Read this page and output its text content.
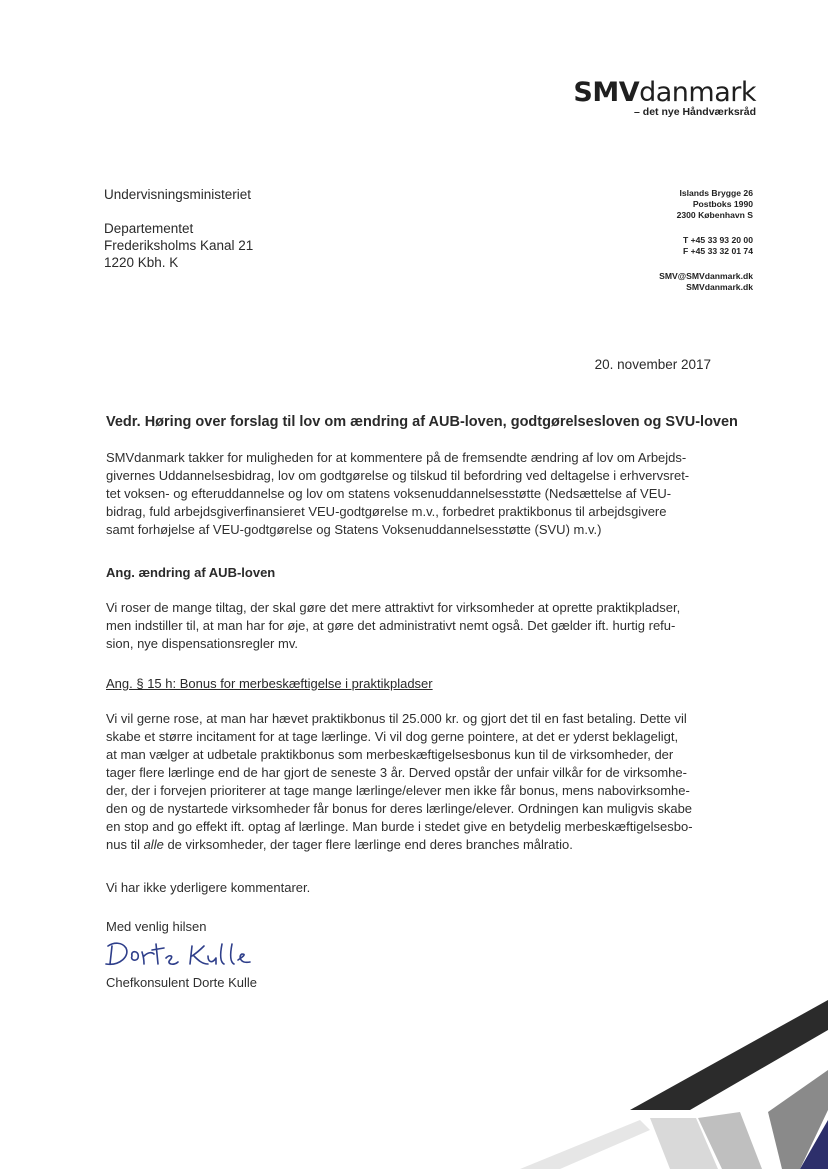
SMVdanmark
– det nye Håndværksråd
Undervisningsministeriet
Departementet
Frederiksholms Kanal 21
1220 Kbh. K
Islands Brygge 26
Postboks 1990
2300 København S
T +45 33 93 20 00
F +45 33 32 01 74
SMV@SMVdanmark.dk
SMVdanmark.dk
20. november 2017
Vedr. Høring over forslag til lov om ændring af AUB-loven, godtgørelsesloven og SVU-loven
SMVdanmark takker for muligheden for at kommentere på de fremsendte ændring af lov om Arbejds-
givernes Uddannelsesbidrag, lov om godtgørelse og tilskud til befordring ved deltagelse i erhvervsret-
tet voksen- og efteruddannelse og lov om statens voksenuddannelsesstøtte (Nedsættelse af VEU-
bidrag, fuld arbejdsgiverfinansieret VEU-godtgørelse m.v., forbedret praktikbonus til arbejdsgivere
samt forhøjelse af VEU-godtgørelse og Statens Voksenuddannelsesstøtte (SVU) m.v.)
Ang. ændring af AUB-loven
Vi roser de mange tiltag, der skal gøre det mere attraktivt for virksomheder at oprette praktikpladser,
men indstiller til, at man har for øje, at gøre det administrativt nemt også. Det gælder ift. hurtig refu-
sion, nye dispensationsregler mv.
Ang. § 15 h: Bonus for merbeskæftigelse i praktikpladser
Vi vil gerne rose, at man har hævet praktikbonus til 25.000 kr. og gjort det til en fast betaling. Dette vil
skabe et større incitament for at tage lærlinge. Vi vil dog gerne pointere, at det er yderst beklageligt,
at man vælger at udbetale praktikbonus som merbeskæftigelsesbonus kun til de virksomheder, der
tager flere lærlinge end de har gjort de seneste 3 år. Derved opstår der unfair vilkår for de virksomhe-
der, der i forvejen prioriterer at tage mange lærlinge/elever men ikke får bonus, mens nabovirksomhe-
den og de nystartede virksomheder får bonus for deres lærlinge/elever. Ordningen kan muligvis skabe
en stop and go effekt ift. optag af lærlinge. Man burde i stedet give en betydelig merbeskæftigelsesbo-
nus til alle de virksomheder, der tager flere lærlinge end deres branches målratio.
Vi har ikke yderligere kommentarer.
Med venlig hilsen
Chefkonsulent Dorte Kulle
